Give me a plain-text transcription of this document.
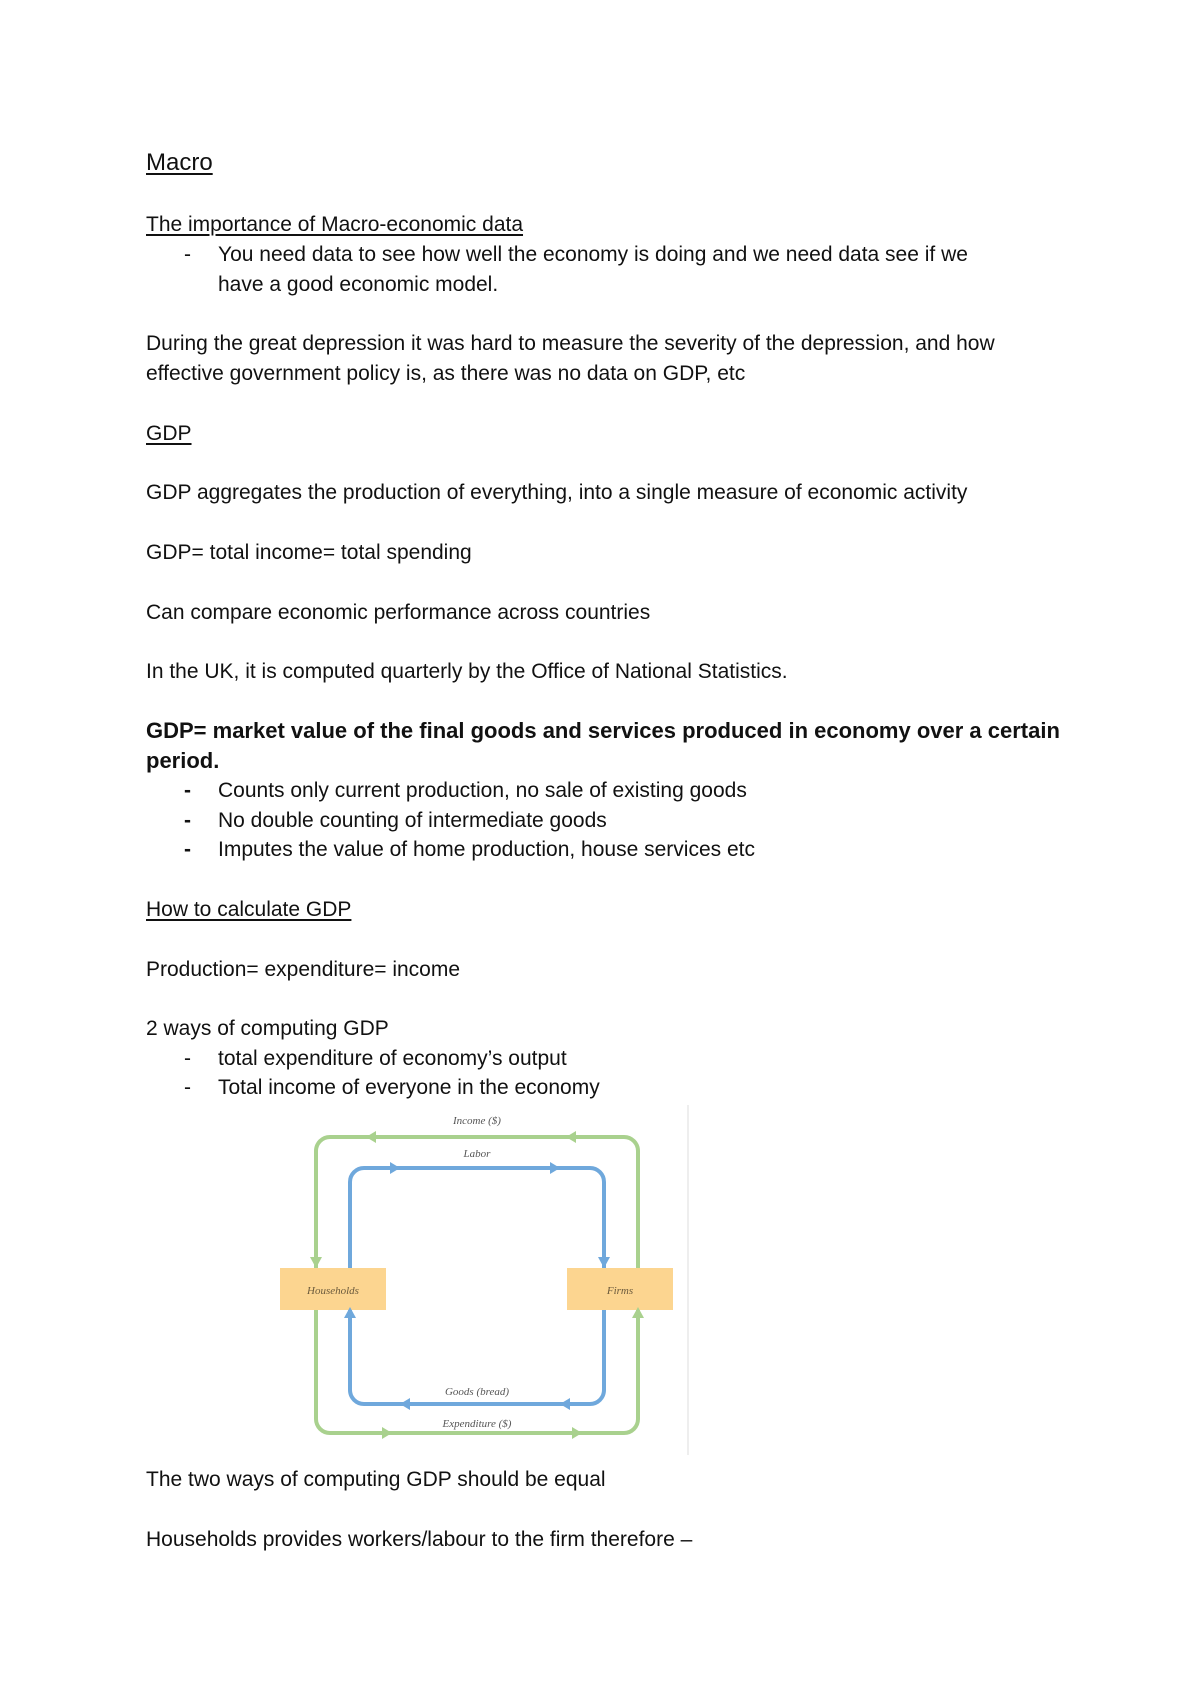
Macro

The importance of Macro-economic data

- You need data to see how well the economy is doing and we need data see if we

have a good economic model.

During the great depression it was hard to measure the severity of the depression, and how

effective government policy is, as there was no data on GDP, etc

GDP

GDP aggregates the production of everything, into a single measure of economic activity

GDP= total income= total spending

Can compare economic performance across countries

In the UK, it is computed quarterly by the Office of National Statistics.

GDP= market value of the final goods and services produced in economy over a certain

period.

- Counts only current production, no sale of existing goods

- No double counting of intermediate goods

- Imputes the value of home production, house services etc

How to calculate GDP

Production= expenditure= income

2 ways of computing GDP

- total expenditure of economy’s output

- Total income of everyone in the economy

Households	Firms
Income ($)
Labor
Goods (bread)
Expenditure ($)

The two ways of computing GDP should be equal

Households provides workers/labour to the firm therefore –
